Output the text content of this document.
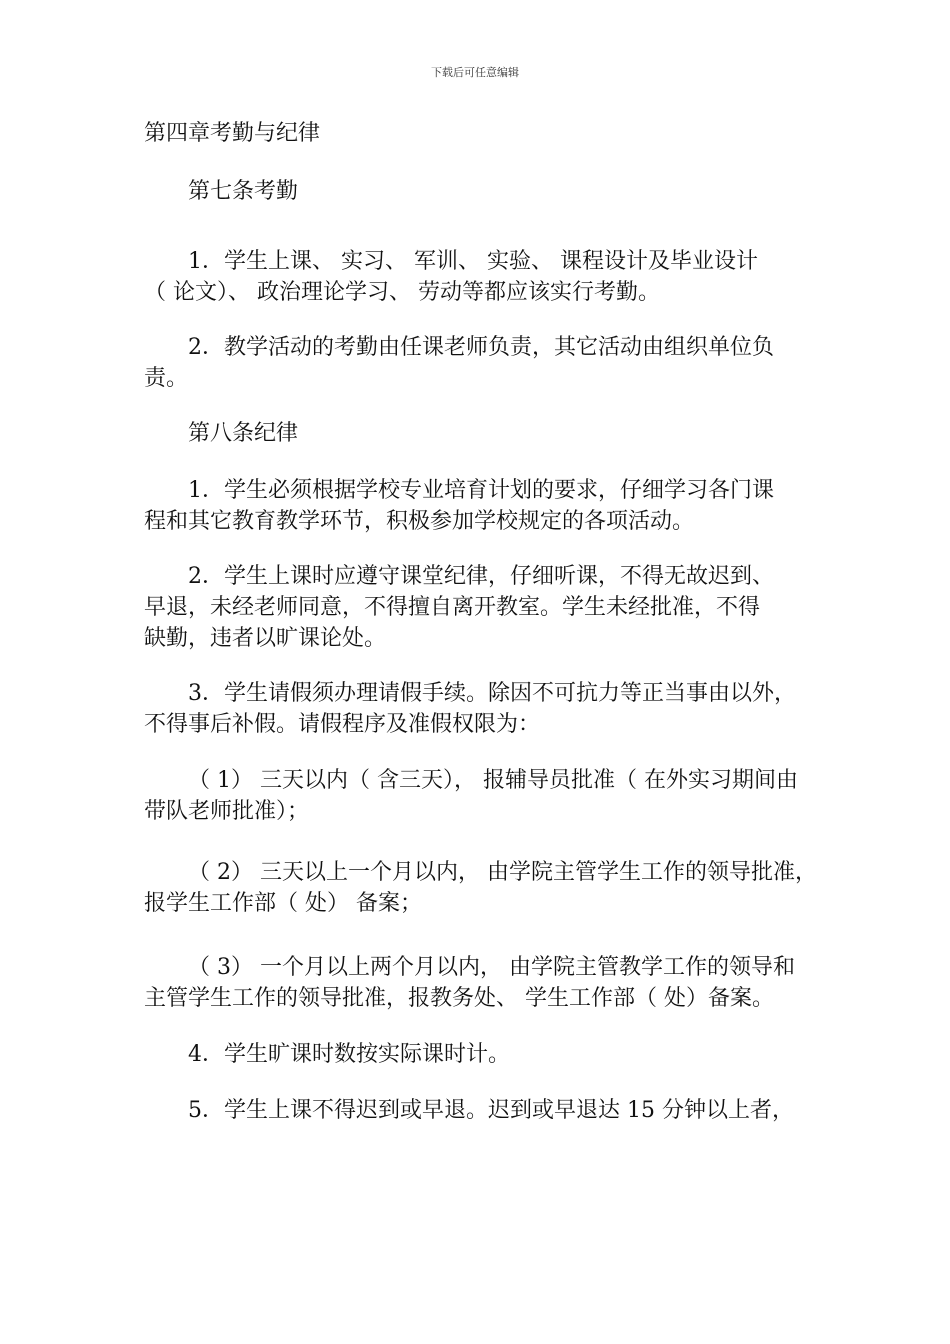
下载后可任意编辑
第四章考勤与纪律
第七条考勤
1．学生上课、 实习、 军训、 实验、 课程设计及毕业设计
（ 论文）、 政治理论学习、 劳动等都应该实行考勤。
2．教学活动的考勤由任课老师负责，其它活动由组织单位负
责。
第八条纪律
1．学生必须根据学校专业培育计划的要求，仔细学习各门课
程和其它教育教学环节，积极参加学校规定的各项活动。
2．学生上课时应遵守课堂纪律，仔细听课，不得无故迟到、
早退，未经老师同意，不得擅自离开教室。学生未经批准，不得
缺勤，违者以旷课论处。
3．学生请假须办理请假手续。除因不可抗力等正当事由以外，
不得事后补假。请假程序及准假权限为：
（ 1） 三天以内（ 含三天）， 报辅导员批准（ 在外实习期间由
带队老师批准）；
（ 2） 三天以上一个月以内， 由学院主管学生工作的领导批准，
报学生工作部（ 处） 备案；
（ 3） 一个月以上两个月以内， 由学院主管教学工作的领导和
主管学生工作的领导批准，报教务处、 学生工作部（ 处）备案。
4．学生旷课时数按实际课时计。
5．学生上课不得迟到或早退。迟到或早退达 15 分钟以上者，
